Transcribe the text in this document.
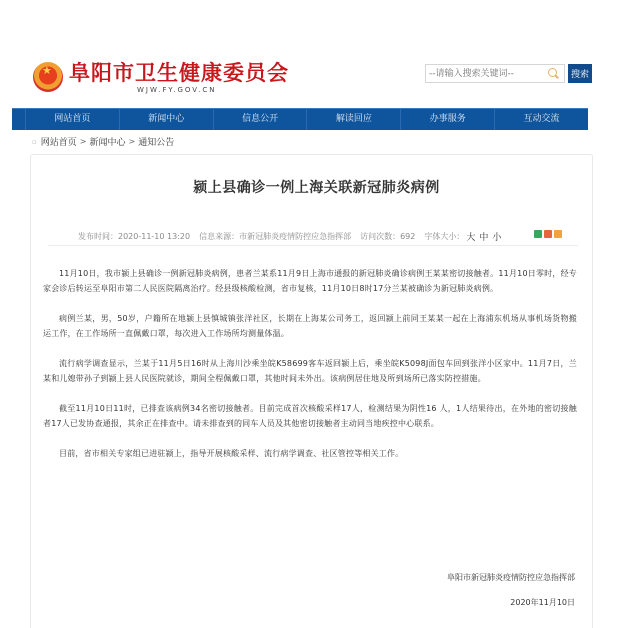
★
阜阳市卫生健康委员会
WJW.FY.GOV.CN
--请输入搜索关键词--
搜索
网站首页	新闻中心	信息公开	解读回应	办事服务	互动交流
▫ 网站首页 > 新闻中心 > 通知公告
颍上县确诊一例上海关联新冠肺炎病例
发布时间：2020-11-10 13:20 信息来源：市新冠肺炎疫情防控应急指挥部 访问次数：692 字体大小： 大 中 小

11月10日，我市颍上县确诊一例新冠肺炎病例，患者兰某系11月9日上海市通报的新冠肺炎确诊病例王某某密切接触者。11月10日零时，经专家会诊后转运至阜阳市第二人民医院隔离治疗。经县级核酸检测，省市复核，11月10日8时17分兰某被确诊为新冠肺炎病例。

病例兰某，男，50岁，户籍所在地颍上县慎城镇张洋社区，长期在上海某公司务工，返回颍上前同王某某一起在上海浦东机场从事机场货物搬运工作，在工作场所一直佩戴口罩，每次进入工作场所均测量体温。

流行病学调查显示，兰某于11月5日16时从上海川沙乘坐皖K58699客车返回颍上后，乘坐皖K5098J面包车回到张洋小区家中。11月7日，兰某和儿媳带孙子到颍上县人民医院就诊，期间全程佩戴口罩，其他时间未外出。该病例居住地及所到场所已落实防控措施。

截至11月10日11时，已排查该病例34名密切接触者。目前完成首次核酸采样17人，检测结果为阴性16 人，1人结果待出，在外地的密切接触者17人已发协查通报，其余正在排查中。请未排查到的同车人员及其他密切接触者主动同当地疾控中心联系。

目前，省市相关专家组已进驻颍上，指导开展核酸采样、流行病学调查、社区管控等相关工作。

阜阳市新冠肺炎疫情防控应急指挥部
2020年11月10日
